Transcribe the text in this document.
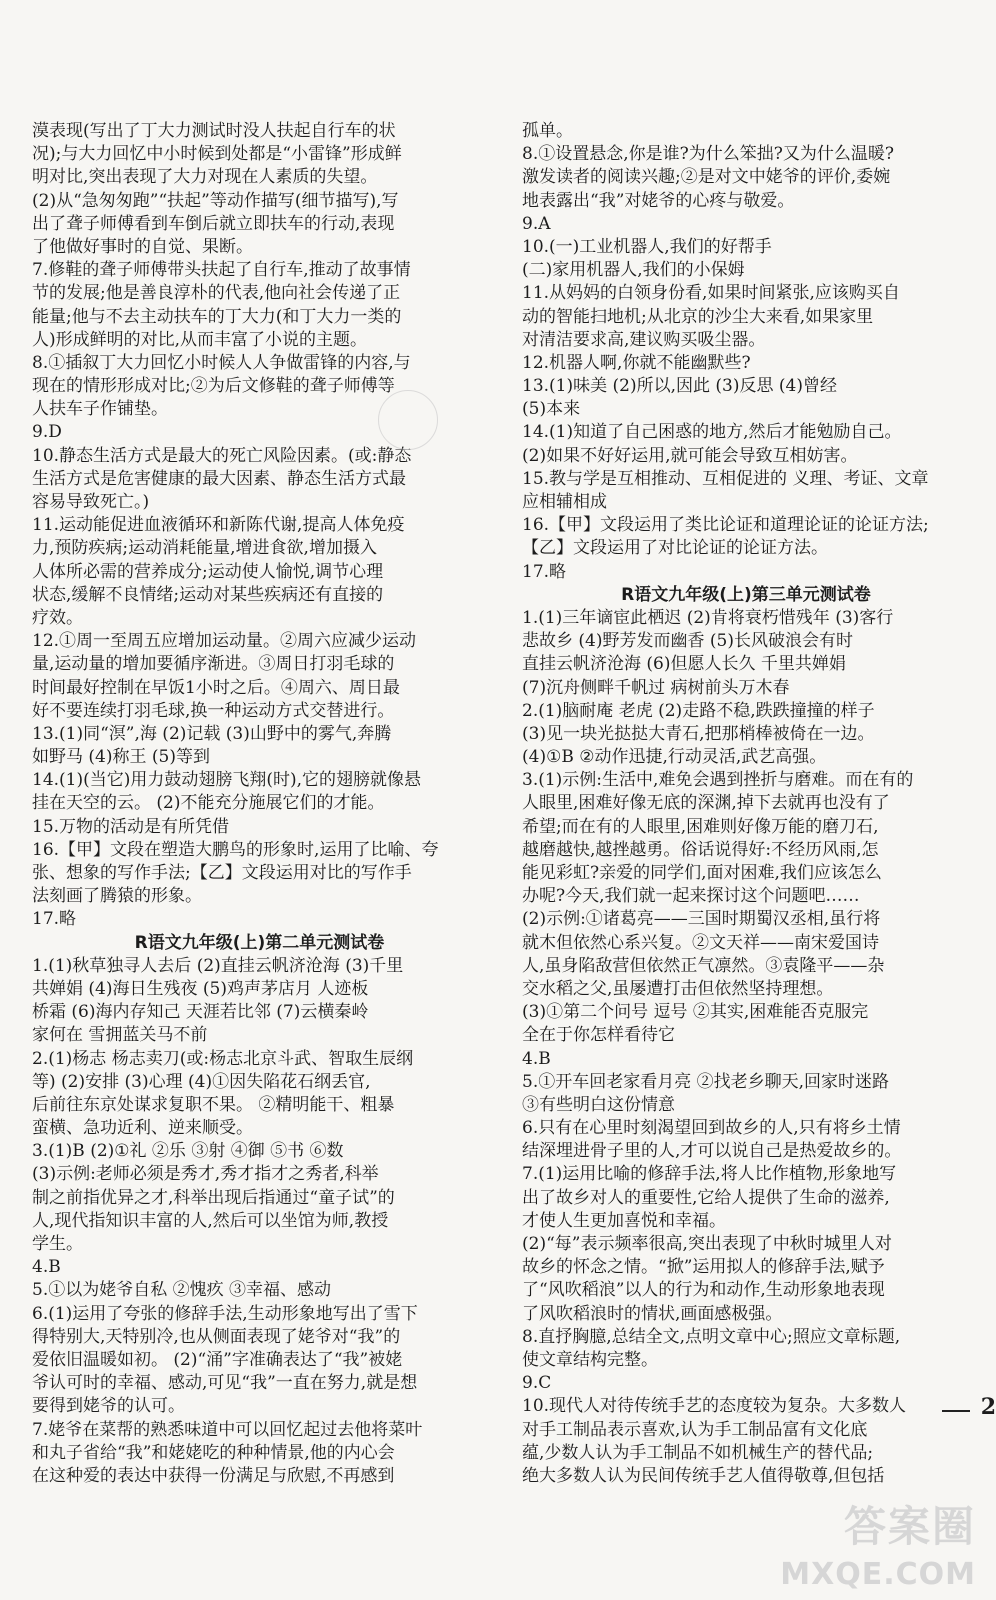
漠表现(写出了丁大力测试时没人扶起自行车的状
况);与大力回忆中小时候到处都是“小雷锋”形成鲜
明对比,突出表现了大力对现在人素质的失望。
(2)从“急匆匆跑”“扶起”等动作描写(细节描写),写
出了聋子师傅看到车倒后就立即扶车的行动,表现
了他做好事时的自觉、果断。
7.修鞋的聋子师傅带头扶起了自行车,推动了故事情
节的发展;他是善良淳朴的代表,他向社会传递了正
能量;他与不去主动扶车的丁大力(和丁大力一类的
人)形成鲜明的对比,从而丰富了小说的主题。
8.①插叙丁大力回忆小时候人人争做雷锋的内容,与
现在的情形形成对比;②为后文修鞋的聋子师傅等
人扶车子作铺垫。
9.D
10.静态生活方式是最大的死亡风险因素。(或:静态
生活方式是危害健康的最大因素、静态生活方式最
容易导致死亡。)
11.运动能促进血液循环和新陈代谢,提高人体免疫
力,预防疾病;运动消耗能量,增进食欲,增加摄入
人体所必需的营养成分;运动使人愉悦,调节心理
状态,缓解不良情绪;运动对某些疾病还有直接的
疗效。
12.①周一至周五应增加运动量。②周六应减少运动
量,运动量的增加要循序渐进。③周日打羽毛球的
时间最好控制在早饭1小时之后。④周六、周日最
好不要连续打羽毛球,换一种运动方式交替进行。
13.(1)同“溟”,海 (2)记载 (3)山野中的雾气,奔腾
如野马 (4)称王 (5)等到
14.(1)(当它)用力鼓动翅膀飞翔(时),它的翅膀就像悬
挂在天空的云。 (2)不能充分施展它们的才能。
15.万物的活动是有所凭借
16.【甲】文段在塑造大鹏鸟的形象时,运用了比喻、夸
张、想象的写作手法;【乙】文段运用对比的写作手
法刻画了腾猿的形象。
17.略
R语文九年级(上)第二单元测试卷
1.(1)秋草独寻人去后 (2)直挂云帆济沧海 (3)千里
共婵娟 (4)海日生残夜 (5)鸡声茅店月 人迹板
桥霜 (6)海内存知己 天涯若比邻 (7)云横秦岭
家何在 雪拥蓝关马不前
2.(1)杨志 杨志卖刀(或:杨志北京斗武、智取生辰纲
等) (2)安排 (3)心理 (4)①因失陷花石纲丢官,
后前往东京处谋求复职不果。 ②精明能干、粗暴
蛮横、急功近利、逆来顺受。
3.(1)B (2)①礼 ②乐 ③射 ④御 ⑤书 ⑥数
(3)示例:老师必须是秀才,秀才指才之秀者,科举
制之前指优异之才,科举出现后指通过“童子试”的
人,现代指知识丰富的人,然后可以坐馆为师,教授
学生。
4.B
5.①以为姥爷自私 ②愧疚 ③幸福、感动
6.(1)运用了夸张的修辞手法,生动形象地写出了雪下
得特别大,天特别冷,也从侧面表现了姥爷对“我”的
爱依旧温暖如初。 (2)“涌”字准确表达了“我”被姥
爷认可时的幸福、感动,可见“我”一直在努力,就是想
要得到姥爷的认可。
7.姥爷在菜帮的熟悉味道中可以回忆起过去他将菜叶
和丸子省给“我”和姥姥吃的种种情景,他的内心会
在这种爱的表达中获得一份满足与欣慰,不再感到
孤单。
8.①设置悬念,你是谁?为什么笨拙?又为什么温暖?
激发读者的阅读兴趣;②是对文中姥爷的评价,委婉
地表露出“我”对姥爷的心疼与敬爱。
9.A
10.(一)工业机器人,我们的好帮手
(二)家用机器人,我们的小保姆
11.从妈妈的白领身份看,如果时间紧张,应该购买自
动的智能扫地机;从北京的沙尘大来看,如果家里
对清洁要求高,建议购买吸尘器。
12.机器人啊,你就不能幽默些?
13.(1)味美 (2)所以,因此 (3)反思 (4)曾经
(5)本来
14.(1)知道了自己困惑的地方,然后才能勉励自己。
(2)如果不好好运用,就可能会导致互相妨害。
15.教与学是互相推动、互相促进的 义理、考证、文章
应相辅相成
16.【甲】文段运用了类比论证和道理论证的论证方法;
【乙】文段运用了对比论证的论证方法。
17.略
R语文九年级(上)第三单元测试卷
1.(1)三年谪宦此栖迟 (2)肯将衰朽惜残年 (3)客行
悲故乡 (4)野芳发而幽香 (5)长风破浪会有时
直挂云帆济沧海 (6)但愿人长久 千里共婵娟
(7)沉舟侧畔千帆过 病树前头万木春
2.(1)脑耐庵 老虎 (2)走路不稳,跌跌撞撞的样子
(3)见一块光挞挞大青石,把那梢棒被倚在一边。
(4)①B ②动作迅捷,行动灵活,武艺高强。
3.(1)示例:生活中,难免会遇到挫折与磨难。而在有的
人眼里,困难好像无底的深渊,掉下去就再也没有了
希望;而在有的人眼里,困难则好像万能的磨刀石,
越磨越快,越挫越勇。俗话说得好:不经历风雨,怎
能见彩虹?亲爱的同学们,面对困难,我们应该怎么
办呢?今天,我们就一起来探讨这个问题吧……
(2)示例:①诸葛亮——三国时期蜀汉丞相,虽行将
就木但依然心系兴复。②文天祥——南宋爱国诗
人,虽身陷敌营但依然正气凛然。③袁隆平——杂
交水稻之父,虽屡遭打击但依然坚持理想。
(3)①第二个问号 逗号 ②其实,困难能否克服完
全在于你怎样看待它
4.B
5.①开车回老家看月亮 ②找老乡聊天,回家时迷路
③有些明白这份情意
6.只有在心里时刻渴望回到故乡的人,只有将乡土情
结深埋进骨子里的人,才可以说自己是热爱故乡的。
7.(1)运用比喻的修辞手法,将人比作植物,形象地写
出了故乡对人的重要性,它给人提供了生命的滋养,
才使人生更加喜悦和幸福。
(2)“每”表示频率很高,突出表现了中秋时城里人对
故乡的怀念之情。“掀”运用拟人的修辞手法,赋予
了“风吹稻浪”以人的行为和动作,生动形象地表现
了风吹稻浪时的情状,画面感极强。
8.直抒胸臆,总结全文,点明文章中心;照应文章标题,
使文章结构完整。
9.C
10.现代人对待传统手艺的态度较为复杂。大多数人
对手工制品表示喜欢,认为手工制品富有文化底
蕴,少数人认为手工制品不如机械生产的替代品;
绝大多数人认为民间传统手艺人值得敬尊,但包括
2
答案圈
MXQE.COM
